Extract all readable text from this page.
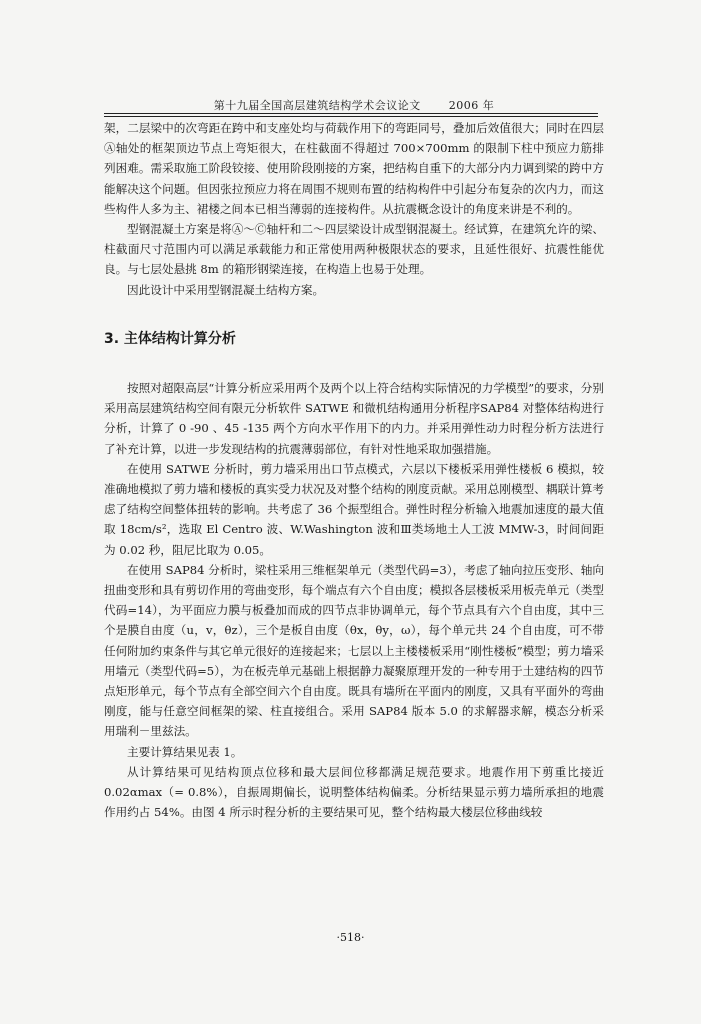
第十九届全国高层建筑结构学术会议论文	2006 年

架，二层梁中的次弯距在跨中和支座处均与荷载作用下的弯距同号，叠加后效值很大；同时在四层Ⓐ轴处的框架顶边节点上弯矩很大，在柱截面不得超过 700×700mm 的限制下柱中预应力筋排列困难。需采取施工阶段铰接、使用阶段刚接的方案，把结构自重下的大部分内力调到梁的跨中方能解决这个问题。但因张拉预应力将在周围不规则布置的结构构件中引起分布复杂的次内力，而这些构件人多为主、裙楼之间本已相当薄弱的连接构件。从抗震概念设计的角度来讲是不利的。

型钢混凝土方案是将Ⓐ～Ⓒ轴杆和二～四层梁设计成型钢混凝土。经试算，在建筑允许的梁、柱截面尺寸范围内可以满足承载能力和正常使用两种极限状态的要求，且延性很好、抗震性能优良。与七层处悬挑 8m 的箱形钢梁连接，在构造上也易于处理。

因此设计中采用型钢混凝土结构方案。

3. 主体结构计算分析

按照对超限高层“计算分析应采用两个及两个以上符合结构实际情况的力学模型”的要求，分别采用高层建筑结构空间有限元分析软件 SATWE 和微机结构通用分析程序SAP84 对整体结构进行分析，计算了 0 -90 、45 -135 两个方向水平作用下的内力。并采用弹性动力时程分析方法进行了补充计算，以进一步发现结构的抗震薄弱部位，有针对性地采取加强措施。

在使用 SATWE 分析时，剪力墙采用出口节点模式，六层以下楼板采用弹性楼板 6 模拟，较准确地模拟了剪力墙和楼板的真实受力状况及对整个结构的刚度贡献。采用总刚模型、耦联计算考虑了结构空间整体扭转的影响。共考虑了 36 个振型组合。弹性时程分析输入地震加速度的最大值取 18cm/s²，选取 El Centro 波、W.Washington 波和Ⅲ类场地土人工波 MMW-3，时间间距为 0.02 秒，阻尼比取为 0.05。

在使用 SAP84 分析时，梁柱采用三维框架单元（类型代码=3），考虑了轴向拉压变形、轴向扭曲变形和具有剪切作用的弯曲变形，每个端点有六个自由度；模拟各层楼板采用板壳单元（类型代码=14），为平面应力膜与板叠加而成的四节点非协调单元，每个节点具有六个自由度，其中三个是膜自由度（u，v，θz），三个是板自由度（θx，θy，ω），每个单元共 24 个自由度，可不带任何附加约束条件与其它单元很好的连接起来；七层以上主楼楼板采用“刚性楼板”模型；剪力墙采用墙元（类型代码=5），为在板壳单元基础上根据静力凝聚原理开发的一种专用于土建结构的四节点矩形单元，每个节点有全部空间六个自由度。既具有墙所在平面内的刚度，又具有平面外的弯曲刚度，能与任意空间框架的梁、柱直接组合。采用 SAP84 版本 5.0 的求解器求解，模态分析采用瑞利－里兹法。

主要计算结果见表 1。

从计算结果可见结构顶点位移和最大层间位移都满足规范要求。地震作用下剪重比接近 0.02αmax（= 0.8%），自振周期偏长，说明整体结构偏柔。分析结果显示剪力墙所承担的地震作用约占 54%。由图 4 所示时程分析的主要结果可见，整个结构最大楼层位移曲线较

·518·
